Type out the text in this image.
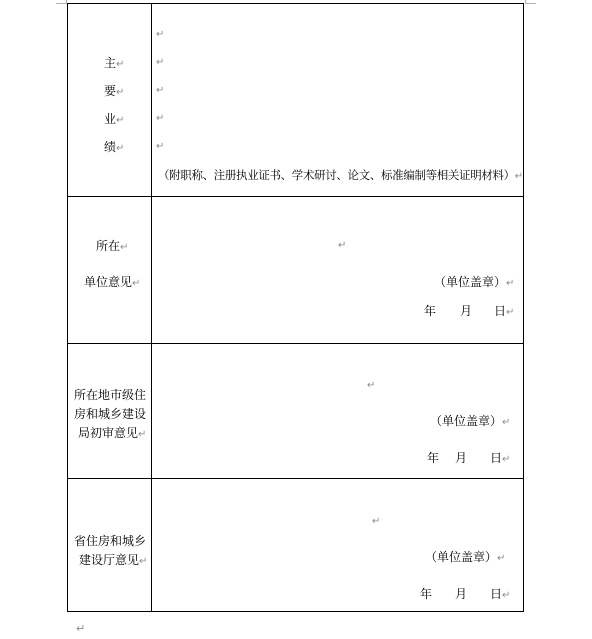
主↵
要↵
业↵
绩↵
↵
↵
↵
↵
↵
（附职称、注册执业证书、学术研讨、论文、标准编制等相关证明材料）↵
所在↵
单位意见↵
↵
（单位盖章）↵
年 月 日↵
所在地市级住
房和城乡建设
局初审意见↵
↵
（单位盖章）↵
年 月 日↵
省住房和城乡
建设厅意见↵
↵
（单位盖章）↵
年 月 日↵
↵
